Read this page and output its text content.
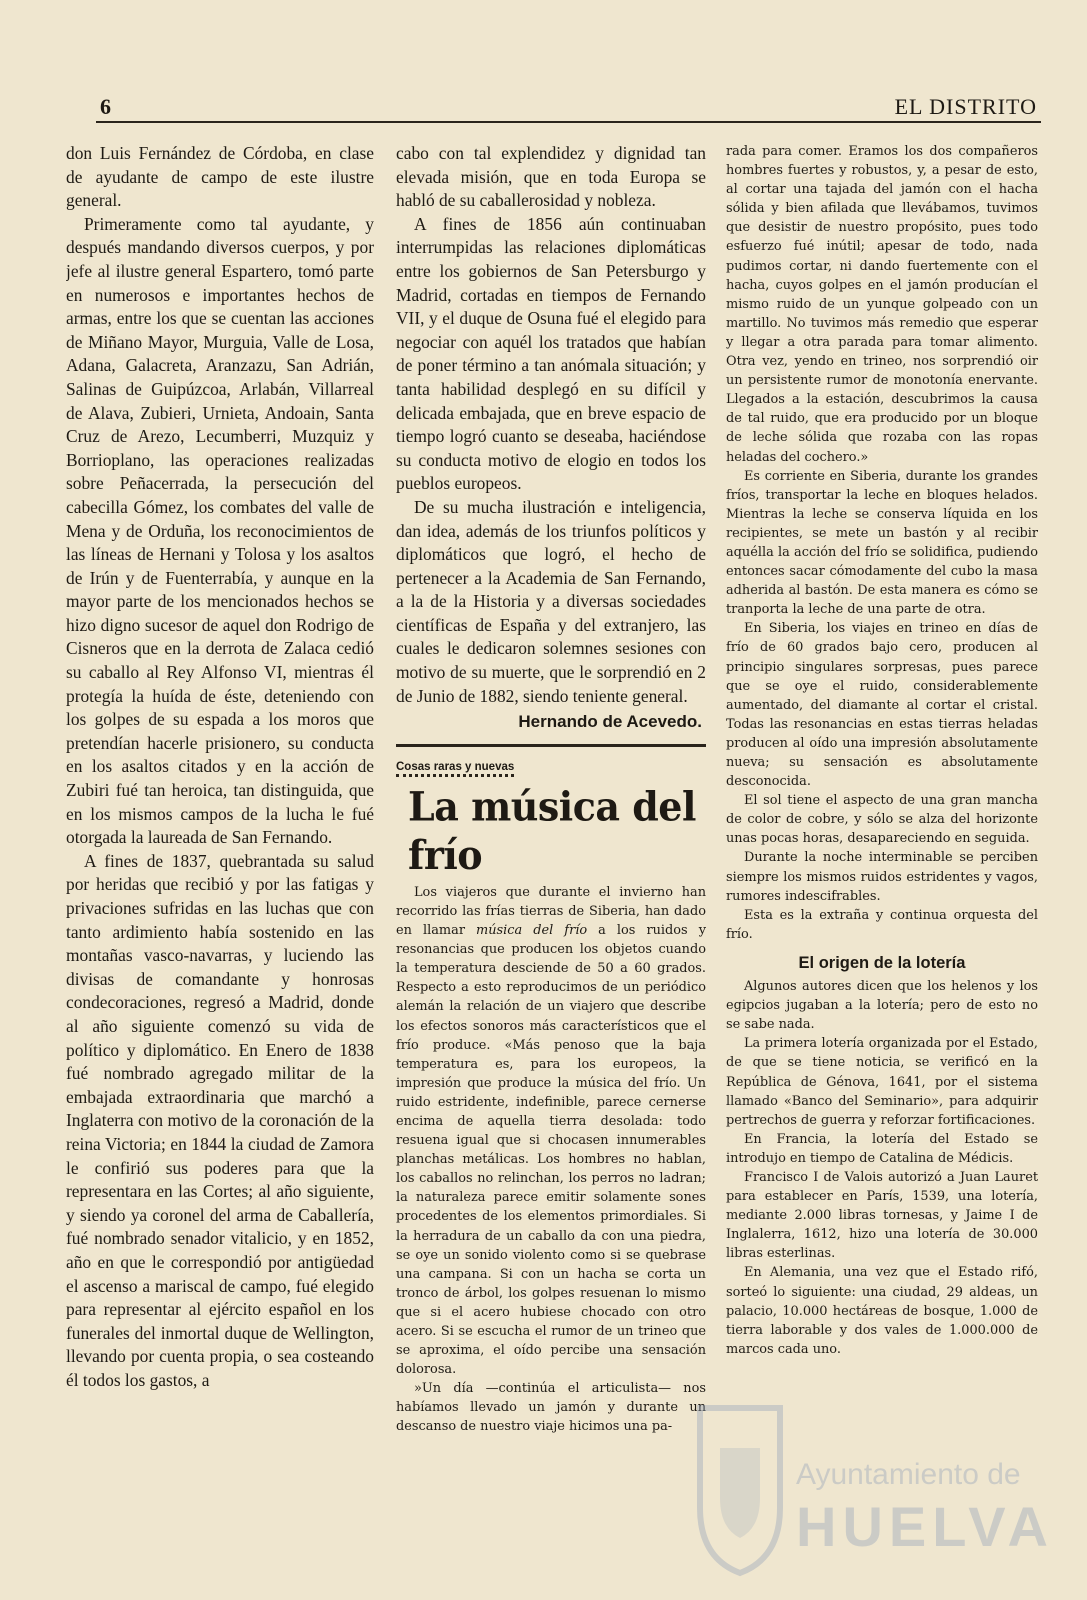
6	EL DISTRITO

don Luis Fernández de Córdoba, en clase de ayudante de campo de este ilustre general.

Primeramente como tal ayudante, y después mandando diversos cuerpos, y por jefe al ilustre general Espartero, tomó parte en numerosos e importantes hechos de armas, entre los que se cuentan las acciones de Miñano Mayor, Murguia, Valle de Losa, Adana, Galacreta, Aranzazu, San Adrián, Salinas de Guipúzcoa, Arlabán, Villarreal de Alava, Zubieri, Urnieta, Andoain, Santa Cruz de Arezo, Lecumberri, Muzquiz y Borrioplano, las operaciones realizadas sobre Peñacerrada, la persecución del cabecilla Gómez, los combates del valle de Mena y de Orduña, los reconocimientos de las líneas de Hernani y Tolosa y los asaltos de Irún y de Fuenterrabía, y aunque en la mayor parte de los mencionados hechos se hizo digno sucesor de aquel don Rodrigo de Cisneros que en la derrota de Zalaca cedió su caballo al Rey Alfonso VI, mientras él protegía la huída de éste, deteniendo con los golpes de su espada a los moros que pretendían hacerle prisionero, su conducta en los asaltos citados y en la acción de Zubiri fué tan heroica, tan distinguida, que en los mismos campos de la lucha le fué otorgada la laureada de San Fernando.

A fines de 1837, quebrantada su salud por heridas que recibió y por las fatigas y privaciones sufridas en las luchas que con tanto ardimiento había sostenido en las montañas vasco-navarras, y luciendo las divisas de comandante y honrosas condecoraciones, regresó a Madrid, donde al año siguiente comenzó su vida de político y diplomático. En Enero de 1838 fué nombrado agregado militar de la embajada extraordinaria que marchó a Inglaterra con motivo de la coronación de la reina Victoria; en 1844 la ciudad de Zamora le confirió sus poderes para que la representara en las Cortes; al año siguiente, y siendo ya coronel del arma de Caballería, fué nombrado senador vitalicio, y en 1852, año en que le correspondió por antigüedad el ascenso a mariscal de campo, fué elegido para representar al ejército español en los funerales del inmortal duque de Wellington, llevando por cuenta propia, o sea costeando él todos los gastos, a

cabo con tal explendidez y dignidad tan elevada misión, que en toda Europa se habló de su caballerosidad y nobleza.

A fines de 1856 aún continuaban interrumpidas las relaciones diplomáticas entre los gobiernos de San Petersburgo y Madrid, cortadas en tiempos de Fernando VII, y el duque de Osuna fué el elegido para negociar con aquél los tratados que habían de poner término a tan anómala situación; y tanta habilidad desplegó en su difícil y delicada embajada, que en breve espacio de tiempo logró cuanto se deseaba, haciéndose su conducta motivo de elogio en todos los pueblos europeos.

De su mucha ilustración e inteligencia, dan idea, además de los triunfos políticos y diplomáticos que logró, el hecho de pertenecer a la Academia de San Fernando, a la de la Historia y a diversas sociedades científicas de España y del extranjero, las cuales le dedicaron solemnes sesiones con motivo de su muerte, que le sorprendió en 2 de Junio de 1882, siendo teniente general.

Hernando de Acevedo.

Cosas raras y nuevas
La música del frío

Los viajeros que durante el invierno han recorrido las frías tierras de Siberia, han dado en llamar música del frío a los ruidos y resonancias que producen los objetos cuando la temperatura desciende de 50 a 60 grados. Respecto a esto reproducimos de un periódico alemán la relación de un viajero que describe los efectos sonoros más característicos que el frío produce. «Más penoso que la baja temperatura es, para los europeos, la impresión que produce la música del frío. Un ruido estridente, indefinible, parece cernerse encima de aquella tierra desolada: todo resuena igual que si chocasen innumerables planchas metálicas. Los hombres no hablan, los caballos no relinchan, los perros no ladran; la naturaleza parece emitir solamente sones procedentes de los elementos primordiales. Si la herradura de un caballo da con una piedra, se oye un sonido violento como si se quebrase una campana. Si con un hacha se corta un tronco de árbol, los golpes resuenan lo mismo que si el acero hubiese chocado con otro acero. Si se escucha el rumor de un trineo que se aproxima, el oído percibe una sensación dolorosa.

»Un día —continúa el articulista— nos habíamos llevado un jamón y durante un descanso de nuestro viaje hicimos una pa-

rada para comer. Eramos los dos compañeros hombres fuertes y robustos, y, a pesar de esto, al cortar una tajada del jamón con el hacha sólida y bien afilada que llevábamos, tuvimos que desistir de nuestro propósito, pues todo esfuerzo fué inútil; apesar de todo, nada pudimos cortar, ni dando fuertemente con el hacha, cuyos golpes en el jamón producían el mismo ruido de un yunque golpeado con un martillo. No tuvimos más remedio que esperar y llegar a otra parada para tomar alimento. Otra vez, yendo en trineo, nos sorprendió oir un persistente rumor de monotonía enervante. Llegados a la estación, descubrimos la causa de tal ruido, que era producido por un bloque de leche sólida que rozaba con las ropas heladas del cochero.»

Es corriente en Siberia, durante los grandes fríos, transportar la leche en bloques helados. Mientras la leche se conserva líquida en los recipientes, se mete un bastón y al recibir aquélla la acción del frío se solidifica, pudiendo entonces sacar cómodamente del cubo la masa adherida al bastón. De esta manera es cómo se tranporta la leche de una parte de otra.

En Siberia, los viajes en trineo en días de frío de 60 grados bajo cero, producen al principio singulares sorpresas, pues parece que se oye el ruido, considerablemente aumentado, del diamante al cortar el cristal. Todas las resonancias en estas tierras heladas producen al oído una impresión absolutamente nueva; su sensación es absolutamente desconocida.

El sol tiene el aspecto de una gran mancha de color de cobre, y sólo se alza del horizonte unas pocas horas, desapareciendo en seguida.

Durante la noche interminable se perciben siempre los mismos ruidos estridentes y vagos, rumores indescifrables.

Esta es la extraña y continua orquesta del frío.

El origen de la lotería

Algunos autores dicen que los helenos y los egipcios jugaban a la lotería; pero de esto no se sabe nada.

La primera lotería organizada por el Estado, de que se tiene noticia, se verificó en la República de Génova, 1641, por el sistema llamado «Banco del Seminario», para adquirir pertrechos de guerra y reforzar fortificaciones.

En Francia, la lotería del Estado se introdujo en tiempo de Catalina de Médicis.

Francisco I de Valois autorizó a Juan Lauret para establecer en París, 1539, una lotería, mediante 2.000 libras tornesas, y Jaime I de Inglalerra, 1612, hizo una lotería de 30.000 libras esterlinas.

En Alemania, una vez que el Estado rifó, sorteó lo siguiente: una ciudad, 29 aldeas, un palacio, 10.000 hectáreas de bosque, 1.000 de tierra laborable y dos vales de 1.000.000 de marcos cada uno.

Ayuntamiento de
HUELVA
